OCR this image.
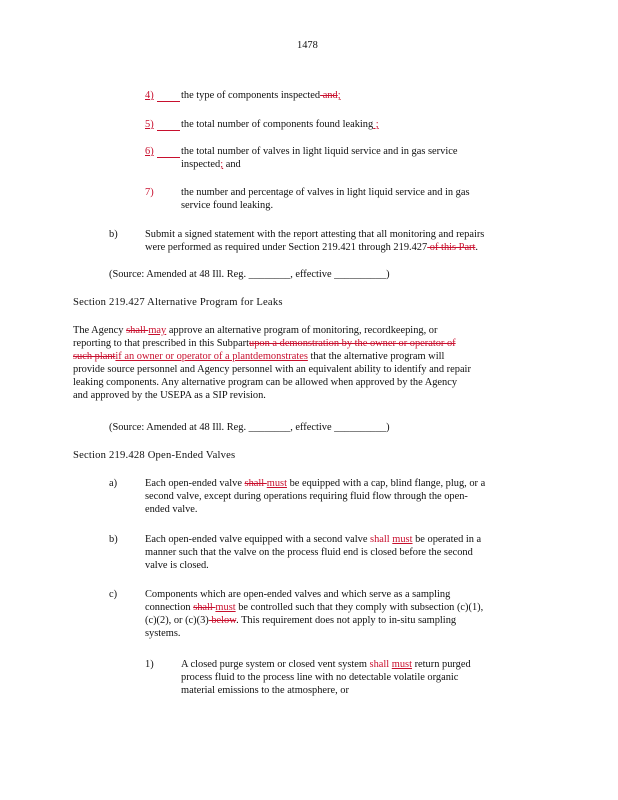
1478
4)	the type of components inspected and;
5)	the total number of components found leaking ;
6)	the total number of valves in light liquid service and in gas service
inspected; and
7)	the number and percentage of valves in light liquid service and in gas
service found leaking.
b)	Submit a signed statement with the report attesting that all monitoring and repairs
were performed as required under Section 219.421 through 219.427 of this Part.
(Source: Amended at 48 Ill. Reg. ________, effective __________)
Section 219.427 Alternative Program for Leaks
The Agency shall may approve an alternative program of monitoring, recordkeeping, or
reporting to that prescribed in this Subpartupon a demonstration by the owner or operator of
such plantif an owner or operator of a plantdemonstrates that the alternative program will
provide source personnel and Agency personnel with an equivalent ability to identify and repair
leaking components. Any alternative program can be allowed when approved by the Agency
and approved by the USEPA as a SIP revision.
(Source: Amended at 48 Ill. Reg. ________, effective __________)
Section 219.428 Open-Ended Valves
a)	Each open-ended valve shall must be equipped with a cap, blind flange, plug, or a
second valve, except during operations requiring fluid flow through the open-
ended valve.
b)	Each open-ended valve equipped with a second valve shall must be operated in a
manner such that the valve on the process fluid end is closed before the second
valve is closed.
c)	Components which are open-ended valves and which serve as a sampling
connection shall must be controlled such that they comply with subsection (c)(1),
(c)(2), or (c)(3) below. This requirement does not apply to in-situ sampling
systems.
1)	A closed purge system or closed vent system shall must return purged
process fluid to the process line with no detectable volatile organic
material emissions to the atmosphere, or
